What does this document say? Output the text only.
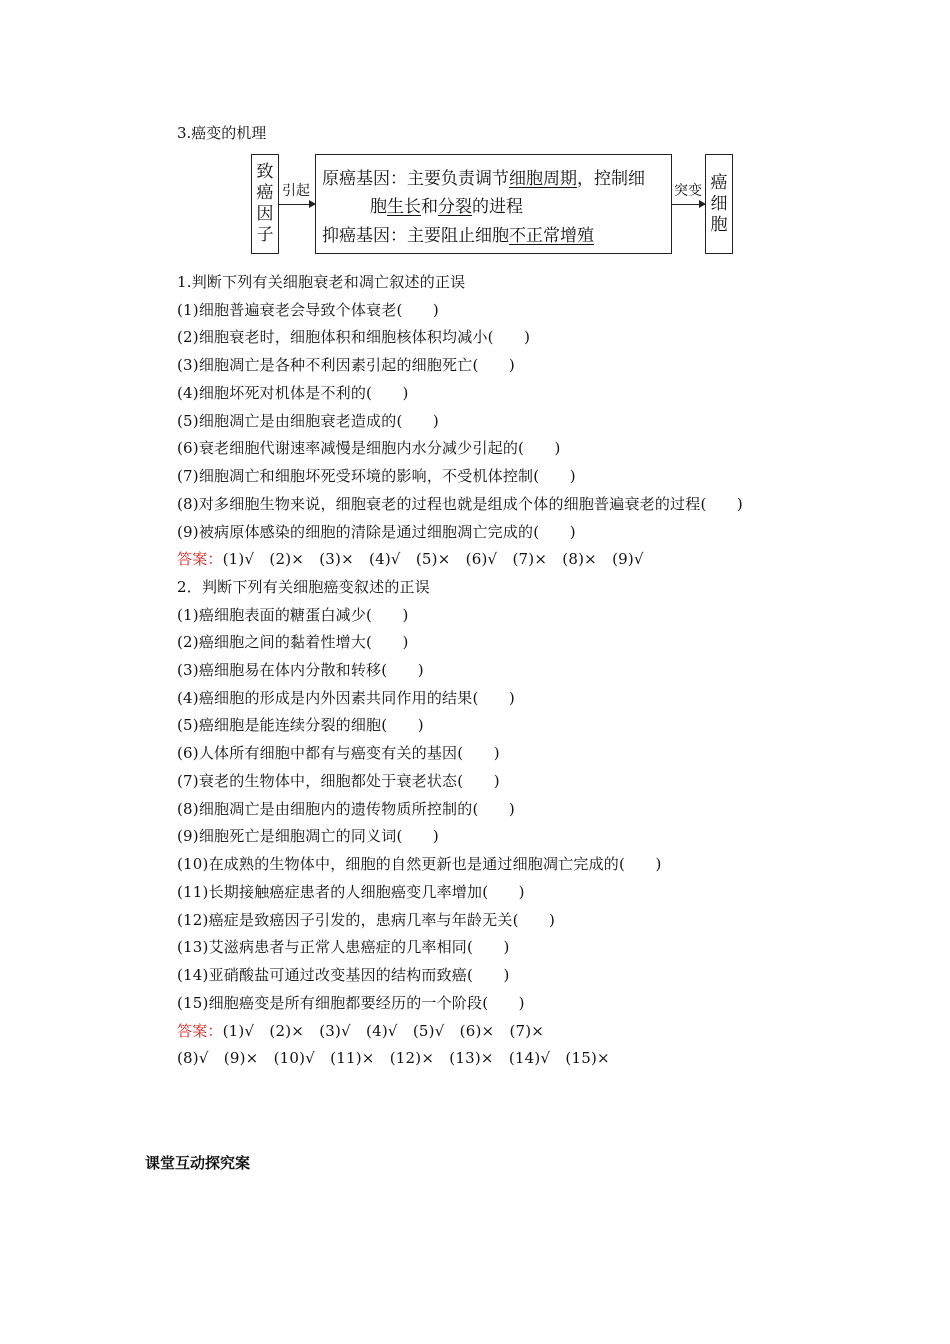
3.癌变的机理
致
癌
因
子
引起
原癌基因：主要负责调节细胞周期，控制细
胞生长和分裂的进程
抑癌基因：主要阻止细胞不正常增殖
突变 癌
细
胞
1.判断下列有关细胞衰老和凋亡叙述的正误
(1)细胞普遍衰老会导致个体衰老(　　)
(2)细胞衰老时，细胞体积和细胞核体积均减小(　　)
(3)细胞凋亡是各种不利因素引起的细胞死亡(　　)
(4)细胞坏死对机体是不利的(　　)
(5)细胞凋亡是由细胞衰老造成的(　　)
(6)衰老细胞代谢速率减慢是细胞内水分减少引起的(　　)
(7)细胞凋亡和细胞坏死受环境的影响，不受机体控制(　　)
(8)对多细胞生物来说，细胞衰老的过程也就是组成个体的细胞普遍衰老的过程(　　)
(9)被病原体感染的细胞的清除是通过细胞凋亡完成的(　　)
答案：(1)√　(2)×　(3)×　(4)√　(5)×　(6)√　(7)×　(8)×　(9)√
2．判断下列有关细胞癌变叙述的正误
(1)癌细胞表面的糖蛋白减少(　　)
(2)癌细胞之间的黏着性增大(　　)
(3)癌细胞易在体内分散和转移(　　)
(4)癌细胞的形成是内外因素共同作用的结果(　　)
(5)癌细胞是能连续分裂的细胞(　　)
(6)人体所有细胞中都有与癌变有关的基因(　　)
(7)衰老的生物体中，细胞都处于衰老状态(　　)
(8)细胞凋亡是由细胞内的遗传物质所控制的(　　)
(9)细胞死亡是细胞凋亡的同义词(　　)
(10)在成熟的生物体中，细胞的自然更新也是通过细胞凋亡完成的(　　)
(11)长期接触癌症患者的人细胞癌变几率增加(　　)
(12)癌症是致癌因子引发的，患病几率与年龄无关(　　)
(13)艾滋病患者与正常人患癌症的几率相同(　　)
(14)亚硝酸盐可通过改变基因的结构而致癌(　　)
(15)细胞癌变是所有细胞都要经历的一个阶段(　　)
答案：(1)√　(2)×　(3)√　(4)√　(5)√　(6)×　(7)×
(8)√　(9)×　(10)√　(11)×　(12)×　(13)×　(14)√　(15)×
课堂互动探究案
